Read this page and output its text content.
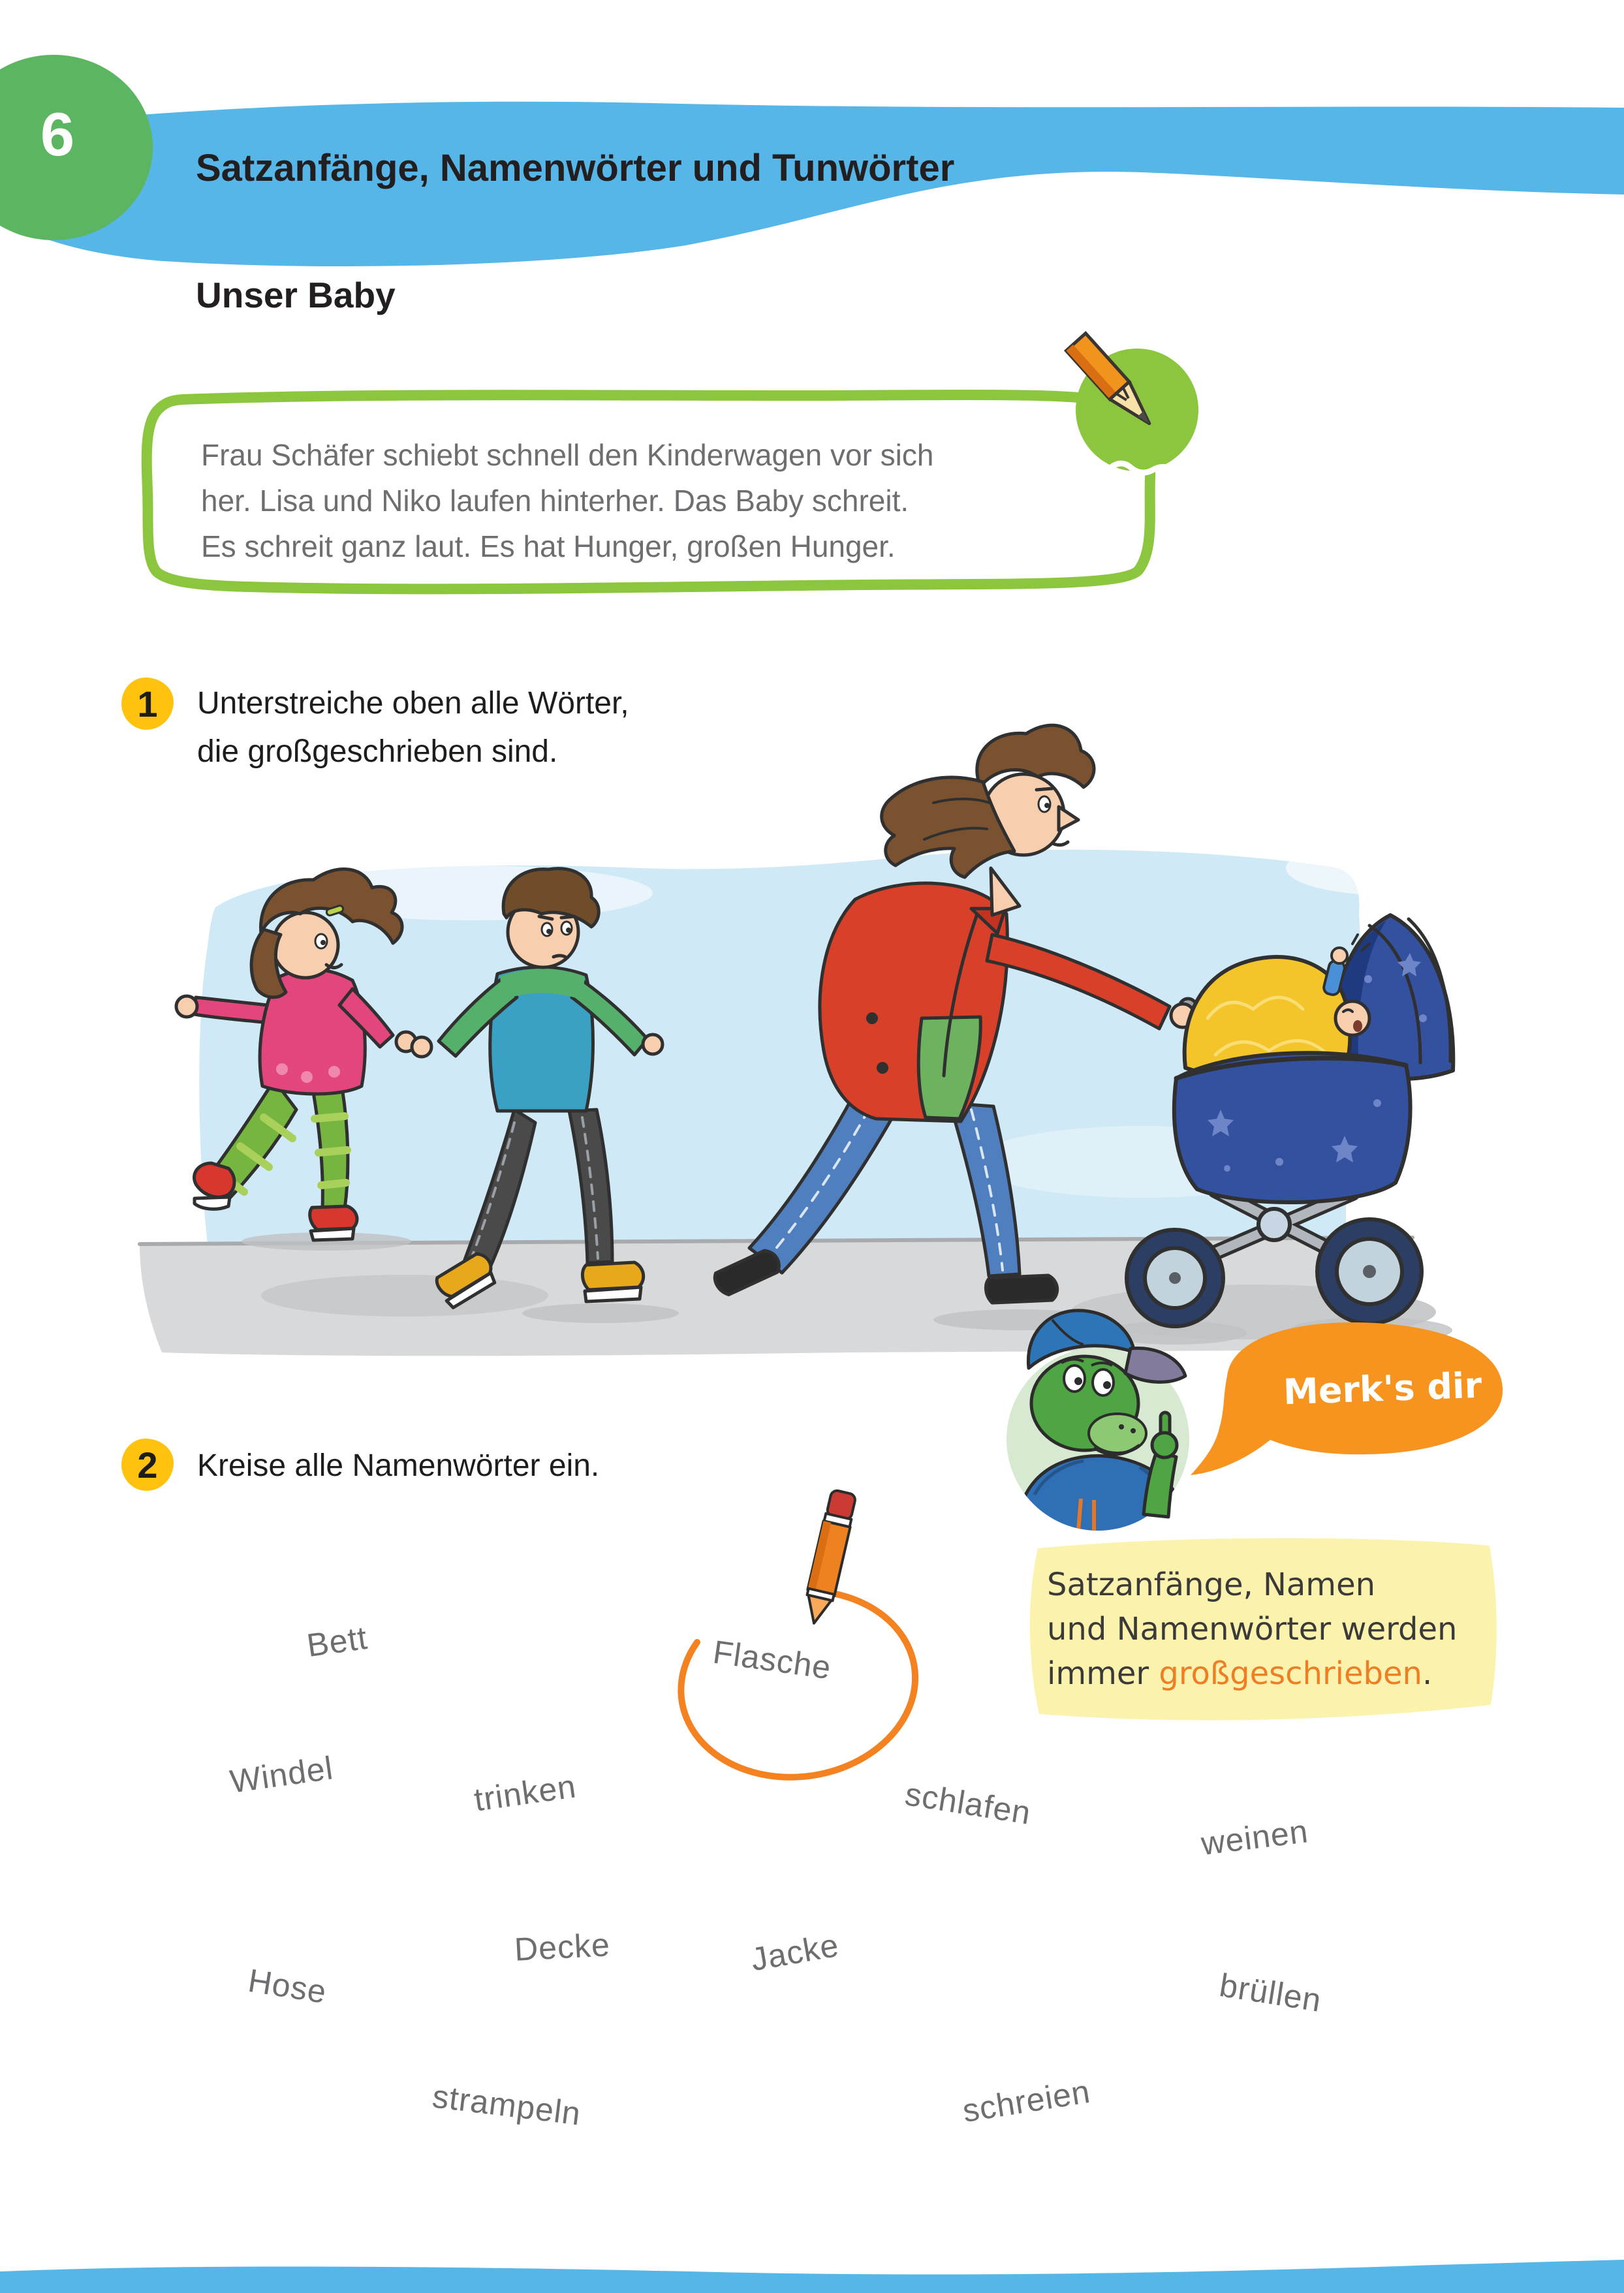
6	Satzanfänge, Namenwörter und Tunwörter
Unser Baby
Frau Schäfer schiebt schnell den Kinderwagen vor sich
her. Lisa und Niko laufen hinterher. Das Baby schreit.
Es schreit ganz laut. Es hat Hunger, großen Hunger.
1 Unterstreiche oben alle Wörter,
die großgeschrieben sind.
2 Kreise alle Namenwörter ein.
Merk's dir
Satzanfänge, Namen
und Namenwörter werden
immer großgeschrieben.
Bett	Flasche
Windel	trinken	schlafen
weinen
Hose
Decke	Jacke
brüllen
strampeln	schreien
